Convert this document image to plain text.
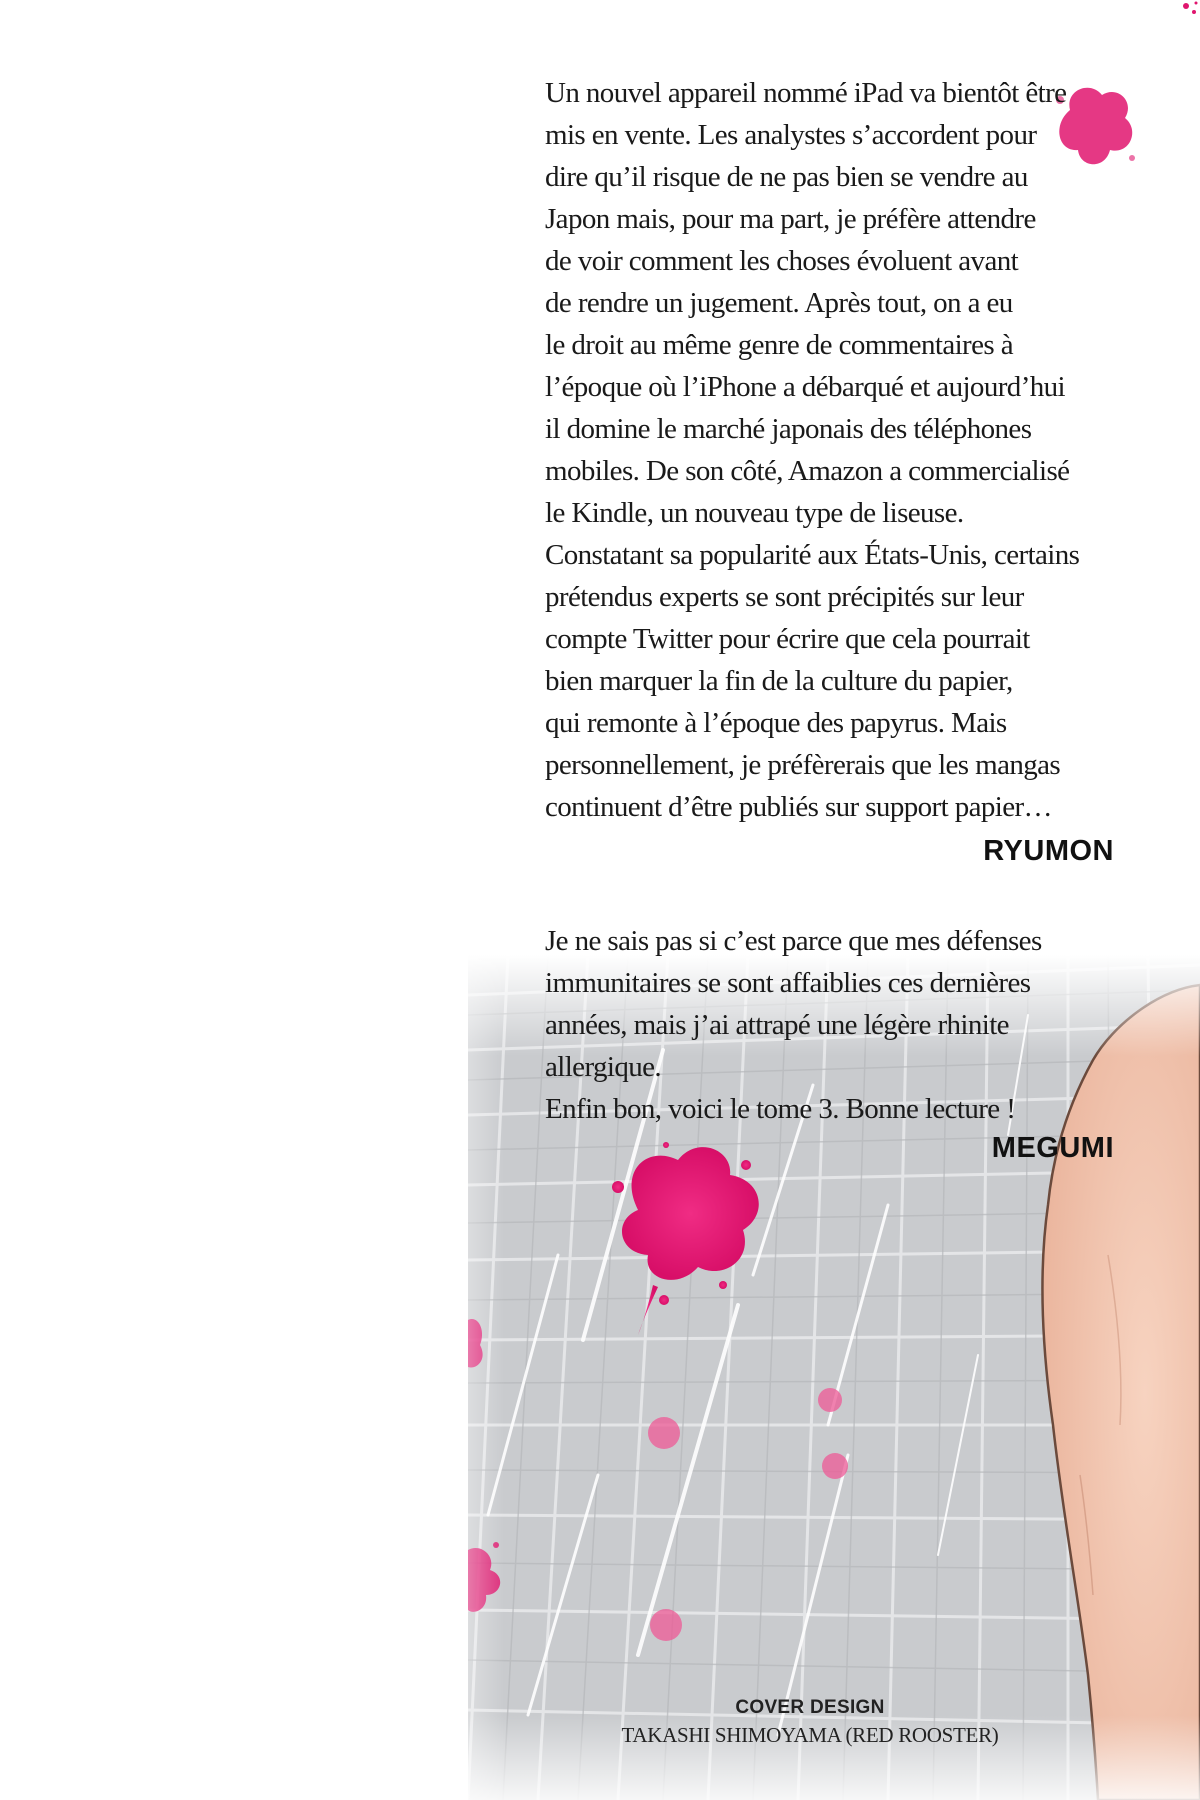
Un nouvel appareil nommé iPad va bientôt être

mis en vente. Les analystes s’accordent pour

dire qu’il risque de ne pas bien se vendre au

Japon mais, pour ma part, je préfère attendre

de voir comment les choses évoluent avant

de rendre un jugement. Après tout, on a eu

le droit au même genre de commentaires à

l’époque où l’iPhone a débarqué et aujourd’hui

il domine le marché japonais des téléphones

mobiles. De son côté, Amazon a commercialisé

le Kindle, un nouveau type de liseuse.

Constatant sa popularité aux États-Unis, certains

prétendus experts se sont précipités sur leur

compte Twitter pour écrire que cela pourrait

bien marquer la fin de la culture du papier,

qui remonte à l’époque des papyrus. Mais

personnellement, je préfèrerais que les mangas

continuent d’être publiés sur support papier…

RYUMON

Je ne sais pas si c’est parce que mes défenses

immunitaires se sont affaiblies ces dernières

années, mais j’ai attrapé une légère rhinite

allergique.

Enfin bon, voici le tome 3. Bonne lecture !

MEGUMI
COVER DESIGN
TAKASHI SHIMOYAMA (RED ROOSTER)
